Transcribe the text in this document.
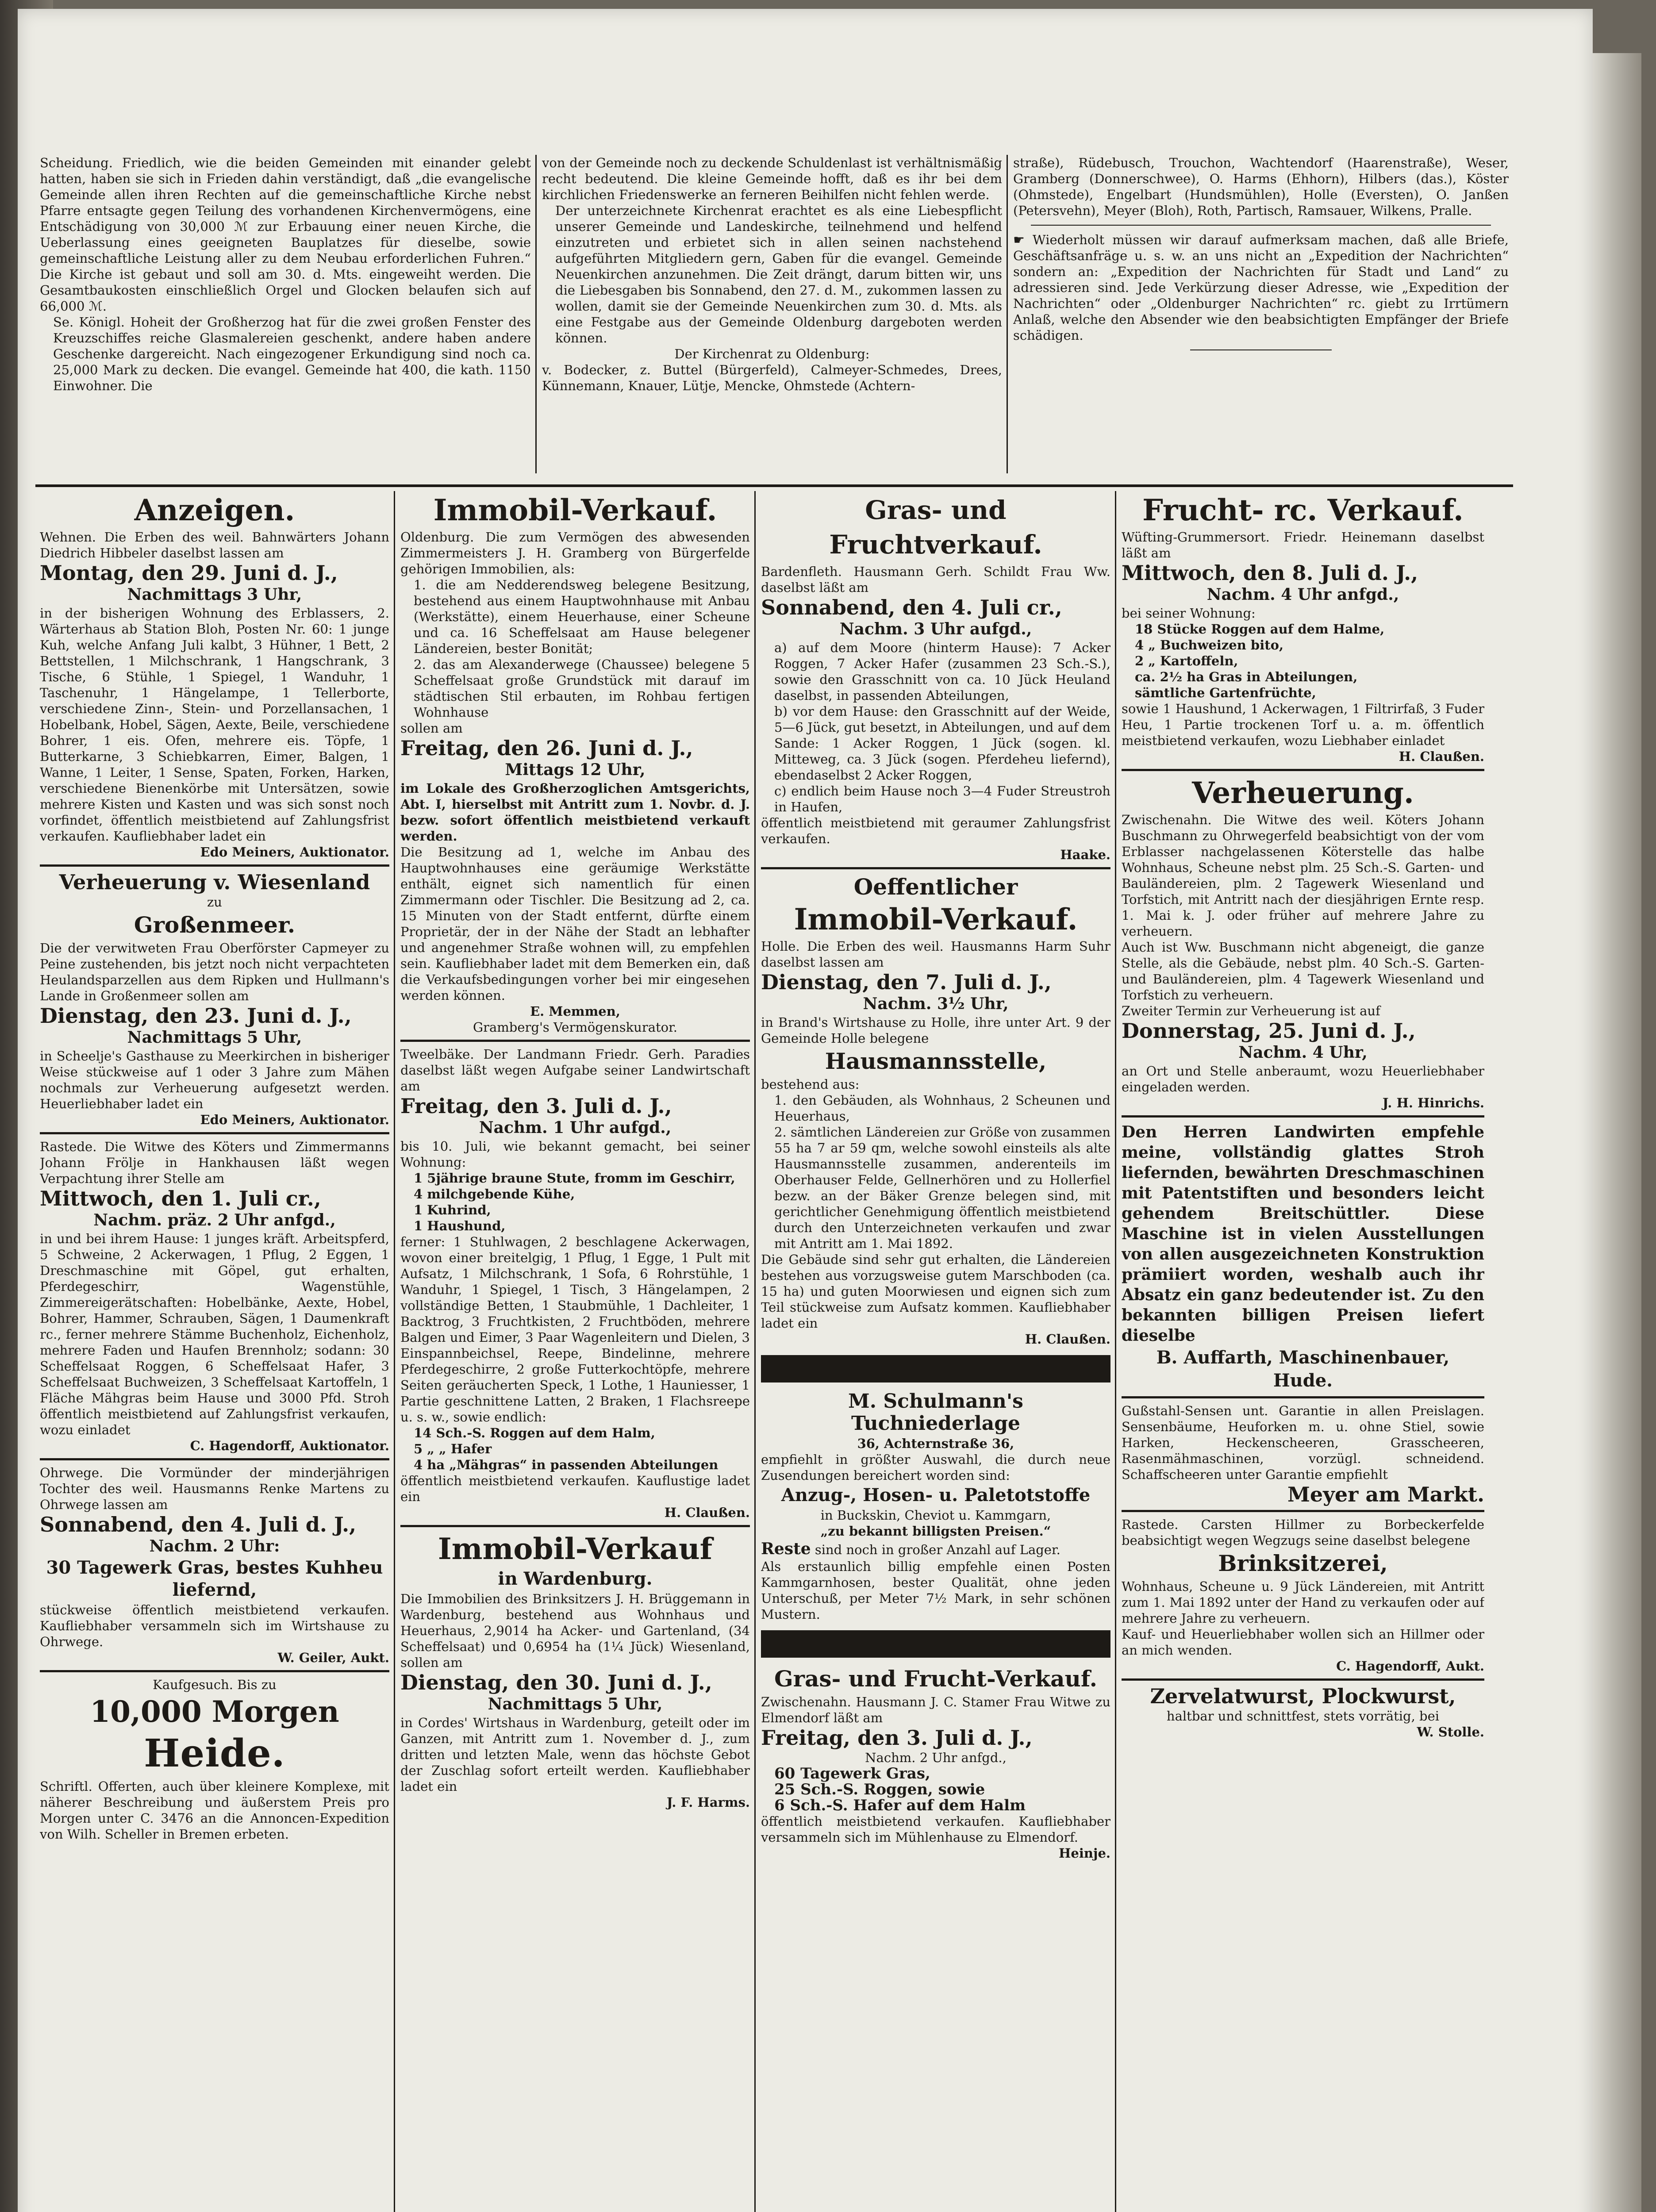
Scheidung. Friedlich, wie die beiden Gemeinden mit einander gelebt hatten, haben sie sich in Frieden dahin verständigt, daß „die evangelische Gemeinde allen ihren Rechten auf die gemeinschaftliche Kirche nebst Pfarre entsagte gegen Teilung des vorhandenen Kirchenvermögens, eine Entschädigung von 30,000 ℳ zur Erbauung einer neuen Kirche, die Ueberlassung eines geeigneten Bauplatzes für dieselbe, sowie gemeinschaftliche Leistung aller zu dem Neubau erforderlichen Fuhren.“ Die Kirche ist gebaut und soll am 30. d. Mts. eingeweiht werden. Die Gesamtbaukosten einschließlich Orgel und Glocken belaufen sich auf 66,000 ℳ.

Se. Königl. Hoheit der Großherzog hat für die zwei großen Fenster des Kreuzschiffes reiche Glasmalereien geschenkt, andere haben andere Geschenke dargereicht. Nach eingezogener Erkundigung sind noch ca. 25,000 Mark zu decken. Die evangel. Gemeinde hat 400, die kath. 1150 Einwohner. Die

von der Gemeinde noch zu deckende Schuldenlast ist verhältnismäßig recht bedeutend. Die kleine Gemeinde hofft, daß es ihr bei dem kirchlichen Friedenswerke an ferneren Beihilfen nicht fehlen werde.

Der unterzeichnete Kirchenrat erachtet es als eine Liebespflicht unserer Gemeinde und Landeskirche, teilnehmend und helfend einzutreten und erbietet sich in allen seinen nachstehend aufgeführten Mitgliedern gern, Gaben für die evangel. Gemeinde Neuenkirchen anzunehmen. Die Zeit drängt, darum bitten wir, uns die Liebesgaben bis Sonnabend, den 27. d. M., zukommen lassen zu wollen, damit sie der Gemeinde Neuenkirchen zum 30. d. Mts. als eine Festgabe aus der Gemeinde Oldenburg dargeboten werden können.

Der Kirchenrat zu Oldenburg:

v. Bodecker, z. Buttel (Bürgerfeld), Calmeyer-Schmedes, Drees, Künnemann, Knauer, Lütje, Mencke, Ohmstede (Achtern-

straße), Rüdebusch, Trouchon, Wachtendorf (Haarenstraße), Weser, Gramberg (Donnerschwee), O. Harms (Ehhorn), Hilbers (das.), Köster (Ohmstede), Engelbart (Hundsmühlen), Holle (Eversten), O. Janßen (Petersvehn), Meyer (Bloh), Roth, Partisch, Ramsauer, Wilkens, Pralle.

☛ Wiederholt müssen wir darauf aufmerksam machen, daß alle Briefe, Geschäftsanfräge u. s. w. an uns nicht an „Expedition der Nachrichten“ sondern an: „Expedition der Nachrichten für Stadt und Land“ zu adressieren sind. Jede Verkürzung dieser Adresse, wie „Expedition der Nachrichten“ oder „Oldenburger Nachrichten“ rc. giebt zu Irrtümern Anlaß, welche den Absender wie den beabsichtigten Empfänger der Briefe schädigen.

Anzeigen.

Wehnen. Die Erben des weil. Bahnwärters Johann Diedrich Hibbeler daselbst lassen am

Montag, den 29. Juni d. J.,
Nachmittags 3 Uhr,

in der bisherigen Wohnung des Erblassers, 2. Wärterhaus ab Station Bloh, Posten Nr. 60: 1 junge Kuh, welche Anfang Juli kalbt, 3 Hühner, 1 Bett, 2 Bettstellen, 1 Milchschrank, 1 Hangschrank, 3 Tische, 6 Stühle, 1 Spiegel, 1 Wanduhr, 1 Taschenuhr, 1 Hängelampe, 1 Tellerborte, verschiedene Zinn-, Stein- und Porzellansachen, 1 Hobelbank, Hobel, Sägen, Aexte, Beile, verschiedene Bohrer, 1 eis. Ofen, mehrere eis. Töpfe, 1 Butterkarne, 3 Schiebkarren, Eimer, Balgen, 1 Wanne, 1 Leiter, 1 Sense, Spaten, Forken, Harken, verschiedene Bienenkörbe mit Untersätzen, sowie mehrere Kisten und Kasten und was sich sonst noch vorfindet, öffentlich meistbietend auf Zahlungsfrist verkaufen. Kaufliebhaber ladet ein

Edo Meiners, Auktionator.

Verheuerung v. Wiesenland

zu

Großenmeer.

Die der verwitweten Frau Oberförster Capmeyer zu Peine zustehenden, bis jetzt noch nicht verpachteten Heulandsparzellen aus dem Ripken und Hullmann's Lande in Großenmeer sollen am

Dienstag, den 23. Juni d. J.,
Nachmittags 5 Uhr,

in Scheelje's Gasthause zu Meerkirchen in bisheriger Weise stückweise auf 1 oder 3 Jahre zum Mähen nochmals zur Verheuerung aufgesetzt werden. Heuerliebhaber ladet ein

Edo Meiners, Auktionator.

Rastede. Die Witwe des Köters und Zimmermanns Johann Frölje in Hankhausen läßt wegen Verpachtung ihrer Stelle am

Mittwoch, den 1. Juli cr.,
Nachm. präz. 2 Uhr anfgd.,

in und bei ihrem Hause: 1 junges kräft. Arbeitspferd, 5 Schweine, 2 Ackerwagen, 1 Pflug, 2 Eggen, 1 Dreschmaschine mit Göpel, gut erhalten, Pferdegeschirr, Wagenstühle, Zimmereigerätschaften: Hobelbänke, Aexte, Hobel, Bohrer, Hammer, Schrauben, Sägen, 1 Daumenkraft rc., ferner mehrere Stämme Buchenholz, Eichenholz, mehrere Faden und Haufen Brennholz; sodann: 30 Scheffelsaat Roggen, 6 Scheffelsaat Hafer, 3 Scheffelsaat Buchweizen, 3 Scheffelsaat Kartoffeln, 1 Fläche Mähgras beim Hause und 3000 Pfd. Stroh öffentlich meistbietend auf Zahlungsfrist verkaufen, wozu einladet

C. Hagendorff, Auktionator.

Ohrwege. Die Vormünder der minderjährigen Tochter des weil. Hausmanns Renke Martens zu Ohrwege lassen am

Sonnabend, den 4. Juli d. J.,
Nachm. 2 Uhr:
30 Tagewerk Gras, bestes Kuhheu liefernd,

stückweise öffentlich meistbietend verkaufen. Kaufliebhaber versammeln sich im Wirtshause zu Ohrwege.

W. Geiler, Aukt.

Kaufgesuch. Bis zu

10,000 Morgen
Heide.

Schriftl. Offerten, auch über kleinere Komplexe, mit näherer Beschreibung und äußerstem Preis pro Morgen unter C. 3476 an die Annoncen-Expedition von Wilh. Scheller in Bremen erbeten.

Immobil-Verkauf.

Oldenburg. Die zum Vermögen des abwesenden Zimmermeisters J. H. Gramberg von Bürgerfelde gehörigen Immobilien, als:

1. die am Nedderendsweg belegene Besitzung, bestehend aus einem Hauptwohnhause mit Anbau (Werkstätte), einem Heuerhause, einer Scheune und ca. 16 Scheffelsaat am Hause belegener Ländereien, bester Bonität;

2. das am Alexanderwege (Chaussee) belegene 5 Scheffelsaat große Grundstück mit darauf im städtischen Stil erbauten, im Rohbau fertigen Wohnhause

sollen am

Freitag, den 26. Juni d. J.,
Mittags 12 Uhr,

im Lokale des Großherzoglichen Amtsgerichts, Abt. I, hierselbst mit Antritt zum 1. Novbr. d. J. bezw. sofort öffentlich meistbietend verkauft werden.

Die Besitzung ad 1, welche im Anbau des Hauptwohnhauses eine geräumige Werkstätte enthält, eignet sich namentlich für einen Zimmermann oder Tischler. Die Besitzung ad 2, ca. 15 Minuten von der Stadt entfernt, dürfte einem Proprietär, der in der Nähe der Stadt an lebhafter und angenehmer Straße wohnen will, zu empfehlen sein. Kaufliebhaber ladet mit dem Bemerken ein, daß die Verkaufsbedingungen vorher bei mir eingesehen werden können.

E. Memmen,

Gramberg's Vermögenskurator.

Tweelbäke. Der Landmann Friedr. Gerh. Paradies daselbst läßt wegen Aufgabe seiner Landwirtschaft am

Freitag, den 3. Juli d. J.,
Nachm. 1 Uhr aufgd.,

bis 10. Juli, wie bekannt gemacht, bei seiner Wohnung:

1 5jährige braune Stute, fromm im Geschirr,

4 milchgebende Kühe,

1 Kuhrind,

1 Haushund,

ferner: 1 Stuhlwagen, 2 beschlagene Ackerwagen, wovon einer breitelgig, 1 Pflug, 1 Egge, 1 Pult mit Aufsatz, 1 Milchschrank, 1 Sofa, 6 Rohrstühle, 1 Wanduhr, 1 Spiegel, 1 Tisch, 3 Hängelampen, 2 vollständige Betten, 1 Staubmühle, 1 Dachleiter, 1 Backtrog, 3 Fruchtkisten, 2 Fruchtböden, mehrere Balgen und Eimer, 3 Paar Wagenleitern und Dielen, 3 Einspannbeichsel, Reepe, Bindelinne, mehrere Pferdegeschirre, 2 große Futterkochtöpfe, mehrere Seiten geräucherten Speck, 1 Lothe, 1 Hauniesser, 1 Partie geschnittene Latten, 2 Braken, 1 Flachsreepe u. s. w., sowie endlich:

14 Sch.-S. Roggen auf dem Halm,

5 „ „ Hafer

4 ha „Mähgras“ in passenden Abteilungen

öffentlich meistbietend verkaufen. Kauflustige ladet ein

H. Claußen.

Immobil-Verkauf
in Wardenburg.

Die Immobilien des Brinksitzers J. H. Brüggemann in Wardenburg, bestehend aus Wohnhaus und Heuerhaus, 2,9014 ha Acker- und Gartenland, (34 Scheffelsaat) und 0,6954 ha (1¼ Jück) Wiesenland, sollen am

Dienstag, den 30. Juni d. J.,
Nachmittags 5 Uhr,

in Cordes' Wirtshaus in Wardenburg, geteilt oder im Ganzen, mit Antritt zum 1. November d. J., zum dritten und letzten Male, wenn das höchste Gebot der Zuschlag sofort erteilt werden. Kaufliebhaber ladet ein

J. F. Harms.

Gras- und Fruchtverkauf.

Bardenfleth. Hausmann Gerh. Schildt Frau Ww. daselbst läßt am

Sonnabend, den 4. Juli cr.,
Nachm. 3 Uhr aufgd.,

a) auf dem Moore (hinterm Hause): 7 Acker Roggen, 7 Acker Hafer (zusammen 23 Sch.-S.), sowie den Grasschnitt von ca. 10 Jück Heuland daselbst, in passenden Abteilungen,

b) vor dem Hause: den Grasschnitt auf der Weide, 5—6 Jück, gut besetzt, in Abteilungen, und auf dem Sande: 1 Acker Roggen, 1 Jück (sogen. kl. Mitteweg, ca. 3 Jück (sogen. Pferdeheu liefernd), ebendaselbst 2 Acker Roggen,

c) endlich beim Hause noch 3—4 Fuder Streustroh in Haufen,

öffentlich meistbietend mit geraumer Zahlungsfrist verkaufen.

Haake.

Oeffentlicher
Immobil-Verkauf.

Holle. Die Erben des weil. Hausmanns Harm Suhr daselbst lassen am

Dienstag, den 7. Juli d. J.,
Nachm. 3½ Uhr,

in Brand's Wirtshause zu Holle, ihre unter Art. 9 der Gemeinde Holle belegene

Hausmannsstelle,

bestehend aus:

1. den Gebäuden, als Wohnhaus, 2 Scheunen und Heuerhaus,

2. sämtlichen Ländereien zur Größe von zusammen 55 ha 7 ar 59 qm, welche sowohl einsteils als alte Hausmannsstelle zusammen, anderenteils im Oberhauser Felde, Gellnerhören und zu Hollerfiel bezw. an der Bäker Grenze belegen sind, mit gerichtlicher Genehmigung öffentlich meistbietend durch den Unterzeichneten verkaufen und zwar mit Antritt am 1. Mai 1892.

Die Gebäude sind sehr gut erhalten, die Ländereien bestehen aus vorzugsweise gutem Marschboden (ca. 15 ha) und guten Moorwiesen und eignen sich zum Teil stückweise zum Aufsatz kommen. Kaufliebhaber ladet ein

H. Claußen.

M. Schulmann's Tuchniederlage

36, Achternstraße 36,

empfiehlt in größter Auswahl, die durch neue Zusendungen bereichert worden sind:

Anzug-, Hosen- u. Paletotstoffe

in Buckskin, Cheviot u. Kammgarn,

„zu bekannt billigsten Preisen.“

Reste sind noch in großer Anzahl auf Lager.

Als erstaunlich billig empfehle einen Posten Kammgarnhosen, bester Qualität, ohne jeden Unterschuß, per Meter 7½ Mark, in sehr schönen Mustern.

Gras- und Frucht-Verkauf.

Zwischenahn. Hausmann J. C. Stamer Frau Witwe zu Elmendorf läßt am

Freitag, den 3. Juli d. J.,

Nachm. 2 Uhr anfgd.,

60 Tagewerk Gras,

25 Sch.-S. Roggen, sowie

6 Sch.-S. Hafer auf dem Halm

öffentlich meistbietend verkaufen. Kaufliebhaber versammeln sich im Mühlenhause zu Elmendorf.

Heinje.

Frucht- rc. Verkauf.

Wüfting-Grummersort. Friedr. Heinemann daselbst läßt am

Mittwoch, den 8. Juli d. J.,
Nachm. 4 Uhr anfgd.,

bei seiner Wohnung:

18 Stücke Roggen auf dem Halme,

4 „ Buchweizen bito,

2 „ Kartoffeln,

ca. 2½ ha Gras in Abteilungen,

sämtliche Gartenfrüchte,

sowie 1 Haushund, 1 Ackerwagen, 1 Filtrirfaß, 3 Fuder Heu, 1 Partie trockenen Torf u. a. m. öffentlich meistbietend verkaufen, wozu Liebhaber einladet

H. Claußen.

Verheuerung.

Zwischenahn. Die Witwe des weil. Köters Johann Buschmann zu Ohrwegerfeld beabsichtigt von der vom Erblasser nachgelassenen Köterstelle das halbe Wohnhaus, Scheune nebst plm. 25 Sch.-S. Garten- und Bauländereien, plm. 2 Tagewerk Wiesenland und Torfstich, mit Antritt nach der diesjährigen Ernte resp. 1. Mai k. J. oder früher auf mehrere Jahre zu verheuern.

Auch ist Ww. Buschmann nicht abgeneigt, die ganze Stelle, als die Gebäude, nebst plm. 40 Sch.-S. Garten- und Bauländereien, plm. 4 Tagewerk Wiesenland und Torfstich zu verheuern.

Zweiter Termin zur Verheuerung ist auf

Donnerstag, 25. Juni d. J.,
Nachm. 4 Uhr,

an Ort und Stelle anberaumt, wozu Heuerliebhaber eingeladen werden.

J. H. Hinrichs.

Den Herren Landwirten empfehle meine, vollständig glattes Stroh liefernden, bewährten Dreschmaschinen mit Patentstiften und besonders leicht gehendem Breitschüttler. Diese Maschine ist in vielen Ausstellungen von allen ausgezeichneten Konstruktion prämiiert worden, weshalb auch ihr Absatz ein ganz bedeutender ist. Zu den bekannten billigen Preisen liefert dieselbe

B. Auffarth, Maschinenbauer,
Hude.

Gußstahl-Sensen unt. Garantie in allen Preislagen. Sensenbäume, Heuforken m. u. ohne Stiel, sowie Harken, Heckenscheeren, Grasscheeren, Rasenmähmaschinen, vorzügl. schneidend. Schaffscheeren unter Garantie empfiehlt

Meyer am Markt.

Rastede. Carsten Hillmer zu Borbeckerfelde beabsichtigt wegen Wegzugs seine daselbst belegene

Brinksitzerei,

Wohnhaus, Scheune u. 9 Jück Ländereien, mit Antritt zum 1. Mai 1892 unter der Hand zu verkaufen oder auf mehrere Jahre zu verheuern.

Kauf- und Heuerliebhaber wollen sich an Hillmer oder an mich wenden.

C. Hagendorff, Aukt.

Zervelatwurst, Plockwurst,

haltbar und schnittfest, stets vorrätig, bei

W. Stolle.
